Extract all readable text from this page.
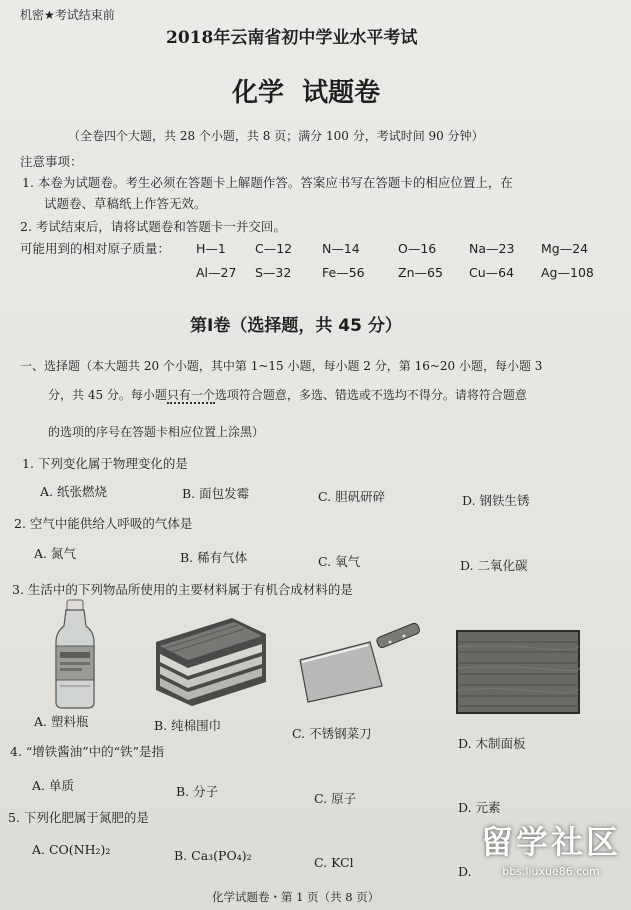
机密★考试结束前
2018年云南省初中学业水平考试
化学  试题卷
（全卷四个大题，共 28 个小题，共 8 页；满分 100 分，考试时间 90 分钟）
注意事项：
1. 本卷为试题卷。考生必须在答题卡上解题作答。答案应书写在答题卡的相应位置上，在
试题卷、草稿纸上作答无效。
2. 考试结束后，请将试题卷和答题卡一并交回。
可能用到的相对原子质量： H—1 C—12 N—14	O—16	Na—23 Mg—24
Al—27 S—32 Fe—56	Zn—65 Cu—64 Ag—108
第Ⅰ卷（选择题，共 45 分）
一、选择题（本大题共 20 个小题，其中第 1~15 小题，每小题 2 分，第 16~20 小题，每小题 3
分，共 45 分。每小题只有一个选项符合题意，多选、错选或不选均不得分。请将符合题意
的选项的序号在答题卡相应位置上涂黑）
1. 下列变化属于物理变化的是
A. 纸张燃烧	B. 面包发霉	C. 胆矾研碎	D. 钢铁生锈
2. 空气中能供给人呼吸的气体是
A. 氮气	B. 稀有气体	C. 氧气	D. 二氧化碳
3. 生活中的下列物品所使用的主要材料属于有机合成材料的是
A. 塑料瓶	B. 纯棉围巾
C. 不锈钢菜刀
D. 木制面板
4. “增铁酱油”中的“铁”是指
A. 单质	B. 分子	C. 原子
D. 元素
5. 下列化肥属于氮肥的是
A. CO(NH₂)₂	B. Ca₃(PO₄)₂	C. KCl
D.
化学试题卷・第 1 页（共 8 页）
留学社区
bbs.liuxue86.com
